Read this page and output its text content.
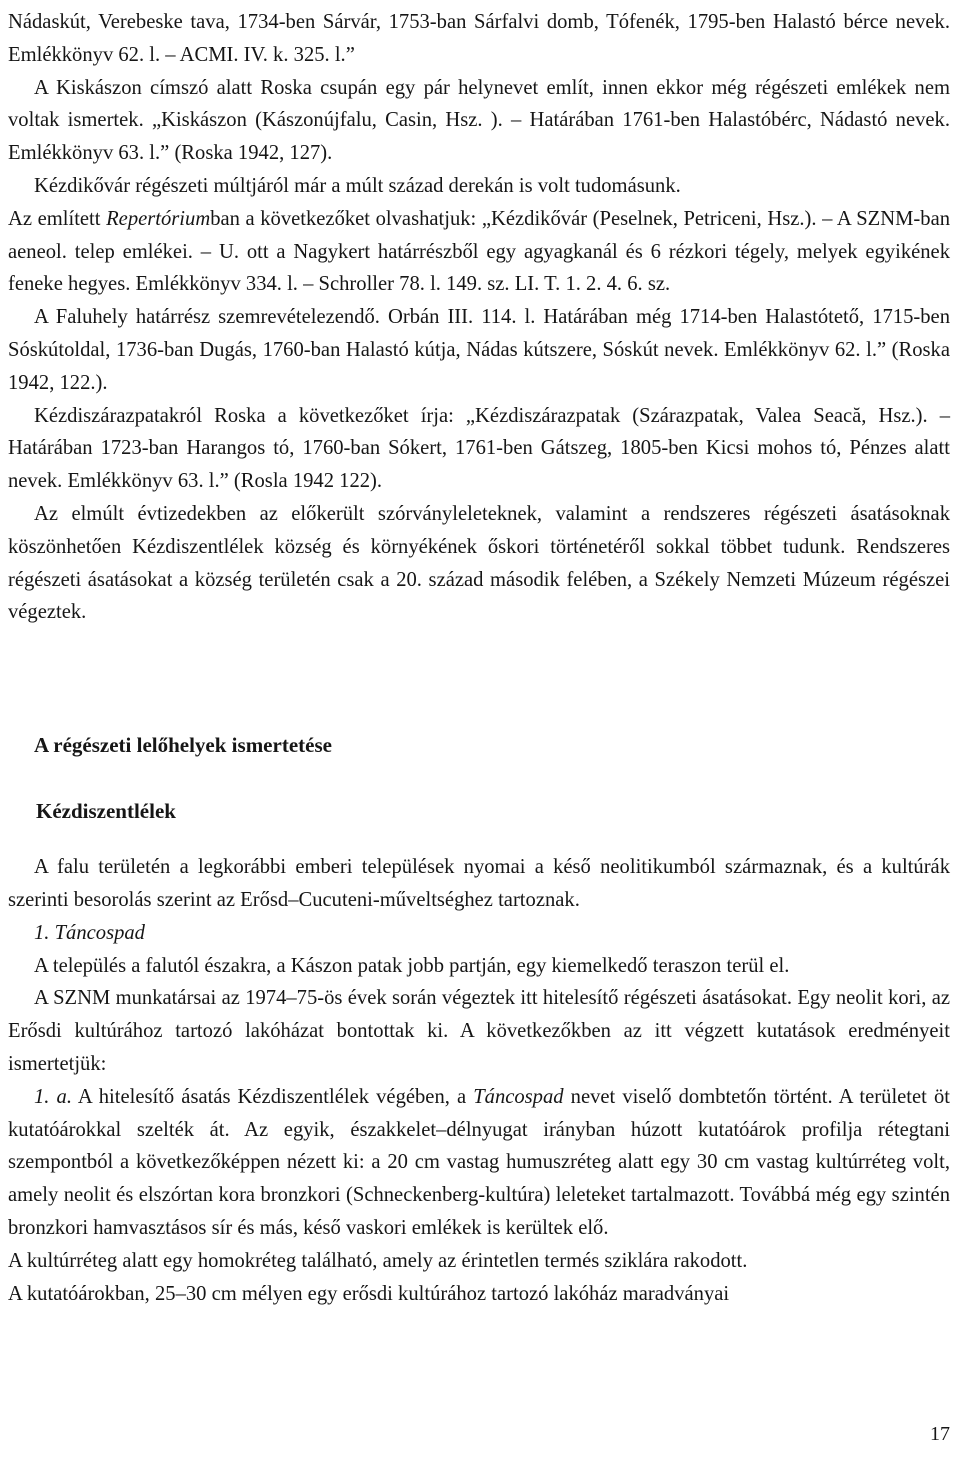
Nádaskút, Verebeske tava, 1734-ben Sárvár, 1753-ban Sárfalvi domb, Tófenék, 1795-ben Halastó bérce nevek. Emlékkönyv 62. l. – ACMI. IV. k. 325. l.”

A Kiskászon címszó alatt Roska csupán egy pár helynevet említ, innen ekkor még régészeti emlékek nem voltak ismertek. „Kiskászon (Kászonújfalu, Casin, Hsz. ). – Határában 1761-ben Halastóbérc, Nádastó nevek. Emlékkönyv 63. l.” (Roska 1942, 127).

Kézdikővár régészeti múltjáról már a múlt század derekán is volt tudomásunk.

Az említett Repertóriumban a következőket olvashatjuk: „Kézdikővár (Peselnek, Petriceni, Hsz.). – A SZNM-ban aeneol. telep emlékei. – U. ott a Nagykert határrészből egy agyagkanál és 6 rézkori tégely, melyek egyikének feneke hegyes. Emlékkönyv 334. l. – Schroller 78. l. 149. sz. LI. T. 1. 2. 4. 6. sz.

A Faluhely határrész szemrevételezendő. Orbán III. 114. l. Határában még 1714-ben Halastótető, 1715-ben Sóskútoldal, 1736-ban Dugás, 1760-ban Halastó kútja, Nádas kútszere, Sóskút nevek. Emlékkönyv 62. l.” (Roska 1942, 122.).

Kézdiszárazpatakról Roska a következőket írja: „Kézdiszárazpatak (Szárazpatak, Valea Seacă, Hsz.). – Határában 1723-ban Harangos tó, 1760-ban Sókert, 1761-ben Gátszeg, 1805-ben Kicsi mohos tó, Pénzes alatt nevek. Emlékkönyv 63. l.” (Rosla 1942 122).

Az elmúlt évtizedekben az előkerült szórványleleteknek, valamint a rendszeres régészeti ásatásoknak köszönhetően Kézdiszentlélek község és környékének őskori történetéről sokkal többet tudunk. Rendszeres régészeti ásatásokat a község területén csak a 20. század második felében, a Székely Nemzeti Múzeum régészei végeztek.

A régészeti lelőhelyek ismertetése
Kézdiszentlélek

A falu területén a legkorábbi emberi települések nyomai a késő neolitikumból származnak, és a kultúrák szerinti besorolás szerint az Erősd–Cucuteni-műveltséghez tartoznak.

1. Táncospad

A település a falutól északra, a Kászon patak jobb partján, egy kiemelkedő teraszon terül el.

A SZNM munkatársai az 1974–75-ös évek során végeztek itt hitelesítő régészeti ásatásokat. Egy neolit kori, az Erősdi kultúrához tartozó lakóházat bontottak ki. A következőkben az itt végzett kutatások eredményeit ismertetjük:

1. a. A hitelesítő ásatás Kézdiszentlélek végében, a Táncospad nevet viselő dombtetőn történt. A területet öt kutatóárokkal szelték át. Az egyik, északkelet–délnyugat irányban húzott kutatóárok profilja rétegtani szempontból a következőképpen nézett ki: a 20 cm vastag humuszréteg alatt egy 30 cm vastag kultúrréteg volt, amely neolit és elszórtan kora bronzkori (Schneckenberg-kultúra) leleteket tartalmazott. Továbbá még egy szintén bronzkori hamvasztásos sír és más, késő vaskori emlékek is kerültek elő.

A kultúrréteg alatt egy homokréteg található, amely az érintetlen termés sziklára rakodott.

A kutatóárokban, 25–30 cm mélyen egy erősdi kultúrához tartozó lakóház maradványai

17
